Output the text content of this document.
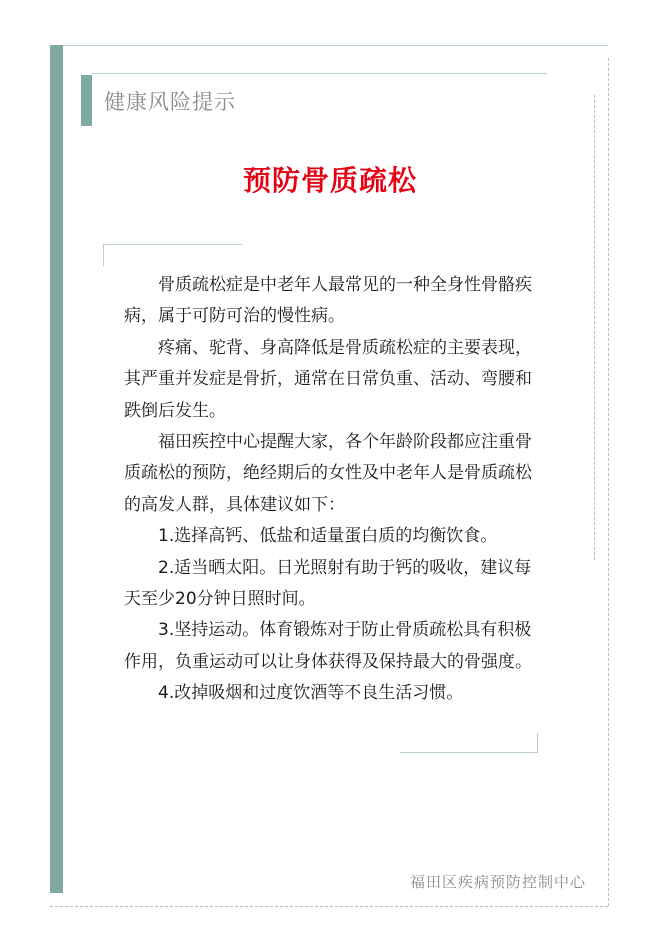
健康风险提示
预防骨质疏松

骨质疏松症是中老年人最常见的一种全身性骨骼疾病，属于可防可治的慢性病。

疼痛、驼背、身高降低是骨质疏松症的主要表现，其严重并发症是骨折，通常在日常负重、活动、弯腰和跌倒后发生。

福田疾控中心提醒大家，各个年龄阶段都应注重骨质疏松的预防，绝经期后的女性及中老年人是骨质疏松的高发人群，具体建议如下：

1.选择高钙、低盐和适量蛋白质的均衡饮食。

2.适当晒太阳。日光照射有助于钙的吸收，建议每天至少20分钟日照时间。

3.坚持运动。体育锻炼对于防止骨质疏松具有积极作用，负重运动可以让身体获得及保持最大的骨强度。

4.改掉吸烟和过度饮酒等不良生活习惯。

福田区疾病预防控制中心
